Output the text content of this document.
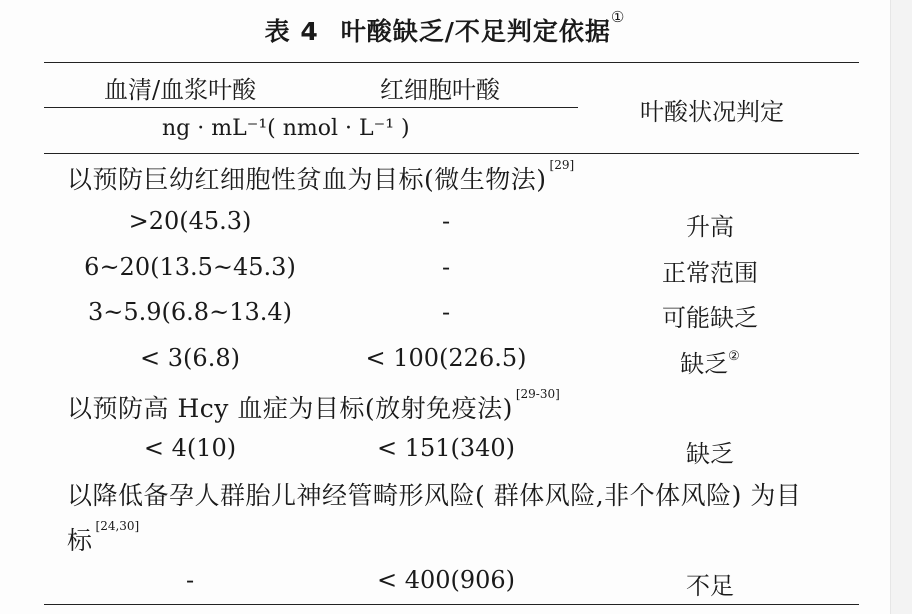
表 4 叶酸缺乏/不足判定依据①
血清/血浆叶酸	红细胞叶酸
叶酸状况判定
ng · mL⁻¹( nmol · L⁻¹ )
以预防巨幼红细胞性贫血为目标(微生物法) [29]
>20(45.3)	-	升高
6~20(13.5~45.3)	-	正常范围
3~5.9(6.8~13.4)	-	可能缺乏
< 3(6.8)	< 100(226.5)	缺乏②
以预防高 Hcy 血症为目标(放射免疫法) [29-30]
< 4(10)	< 151(340)	缺乏
以降低备孕人群胎儿神经管畸形风险( 群体风险,非个体风险) 为目
标 [24,30]
-	< 400(906)	不足
